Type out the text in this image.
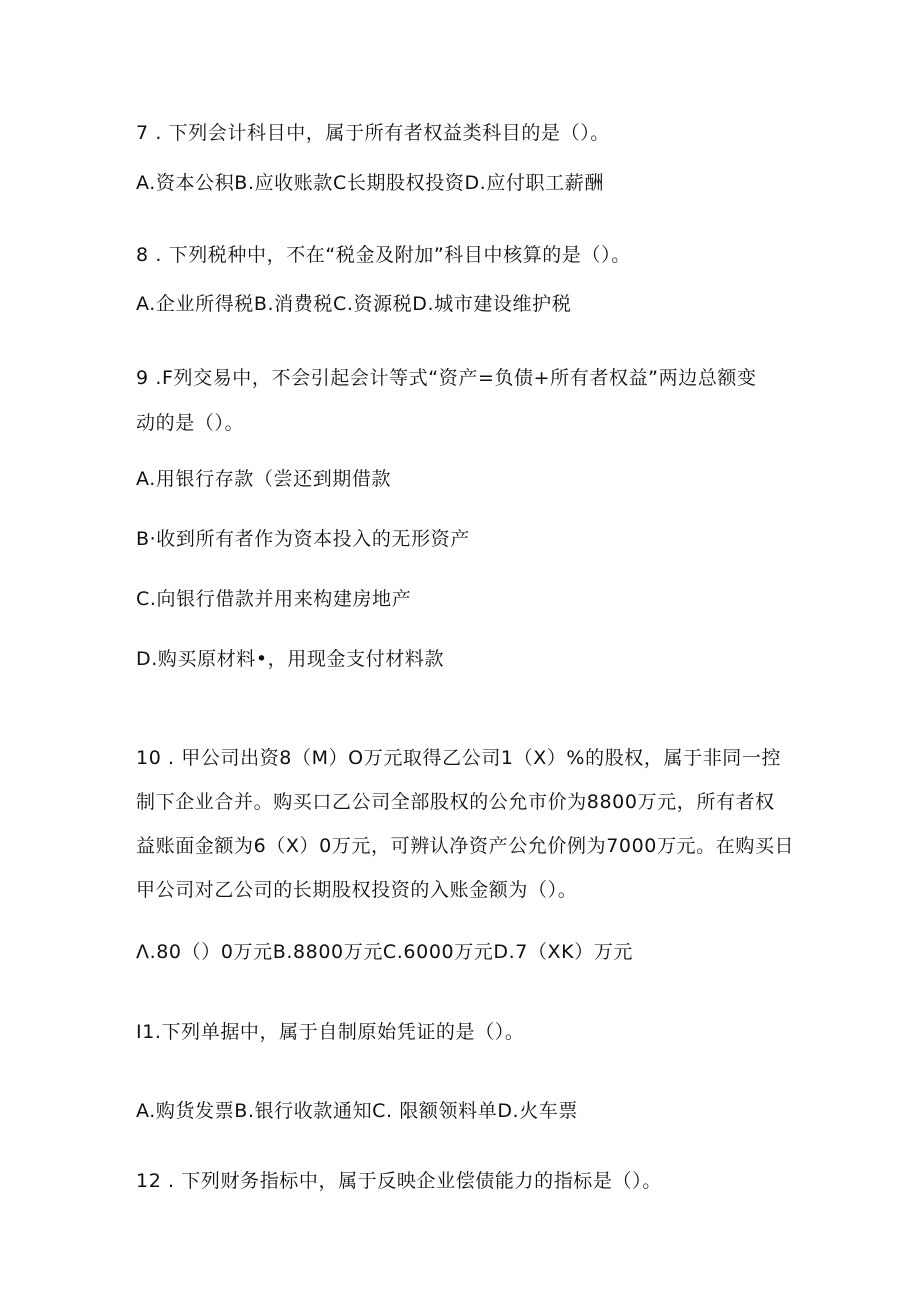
7 . 下列会计科目中，属于所有者权益类科目的是（）。
A.资本公积B.应收账款C长期股权投资D.应付职工薪酬
8 . 下列税种中，不在“税金及附加”科目中核算的是（）。
A.企业所得税B.消费税C.资源税D.城市建设维护税
9 .F列交易中，不会引起会计等式“资产=负债+所有者权益”两边总额变
动的是（）。
A.用银行存款（尝还到期借款
B·收到所有者作为资本投入的无形资产
C.向银行借款并用来构建房地产
D.购买原材料•，用现金支付材料款
10 . 甲公司出资8（M）O万元取得乙公司1（X）%的股权，属于非同一控
制下企业合并。购买口乙公司全部股权的公允市价为8800万元，所有者权
益账面金额为6（X）0万元，可辨认净资产公允价例为7000万元。在购买日
甲公司对乙公司的长期股权投资的入账金额为（）。
Λ.80（）0万元B.8800万元C.6000万元D.7（XK）万元
I1.下列单据中，属于自制原始凭证的是（）。
A.购货发票B.银行收款通知C. 限额领料单D.火车票
12 . 下列财务指标中，属于反映企业偿债能力的指标是（）。
